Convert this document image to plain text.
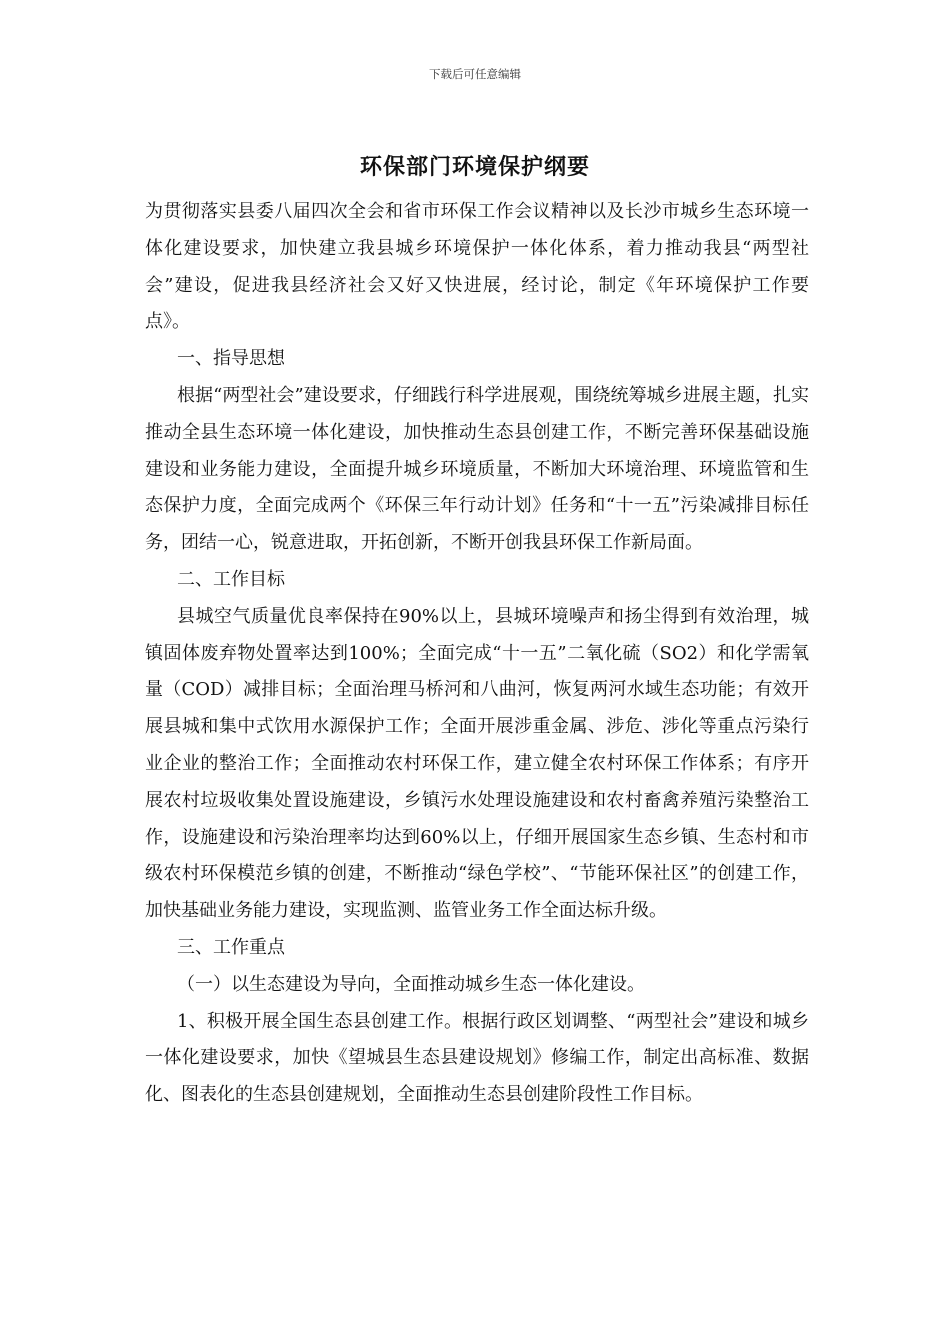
下载后可任意编辑
环保部门环境保护纲要

为贯彻落实县委八届四次全会和省市环保工作会议精神以及长沙市城乡生态环境一体化建设要求，加快建立我县城乡环境保护一体化体系，着力推动我县“两型社会”建设，促进我县经济社会又好又快进展，经讨论，制定《年环境保护工作要点》。

一、指导思想

根据“两型社会”建设要求，仔细践行科学进展观，围绕统筹城乡进展主题，扎实推动全县生态环境一体化建设，加快推动生态县创建工作，不断完善环保基础设施建设和业务能力建设，全面提升城乡环境质量，不断加大环境治理、环境监管和生态保护力度，全面完成两个《环保三年行动计划》任务和“十一五”污染减排目标任务，团结一心，锐意进取，开拓创新，不断开创我县环保工作新局面。

二、工作目标

县城空气质量优良率保持在90%以上，县城环境噪声和扬尘得到有效治理，城镇固体废弃物处置率达到100%；全面完成“十一五”二氧化硫（SO2）和化学需氧量（COD）减排目标；全面治理马桥河和八曲河，恢复两河水域生态功能；有效开展县城和集中式饮用水源保护工作；全面开展涉重金属、涉危、涉化等重点污染行业企业的整治工作；全面推动农村环保工作，建立健全农村环保工作体系；有序开展农村垃圾收集处置设施建设，乡镇污水处理设施建设和农村畜禽养殖污染整治工作，设施建设和污染治理率均达到60%以上，仔细开展国家生态乡镇、生态村和市级农村环保模范乡镇的创建，不断推动“绿色学校”、“节能环保社区”的创建工作，加快基础业务能力建设，实现监测、监管业务工作全面达标升级。

三、工作重点

（一）以生态建设为导向，全面推动城乡生态一体化建设。

1、积极开展全国生态县创建工作。根据行政区划调整、“两型社会”建设和城乡一体化建设要求，加快《望城县生态县建设规划》修编工作，制定出高标准、数据化、图表化的生态县创建规划，全面推动生态县创建阶段性工作目标。
